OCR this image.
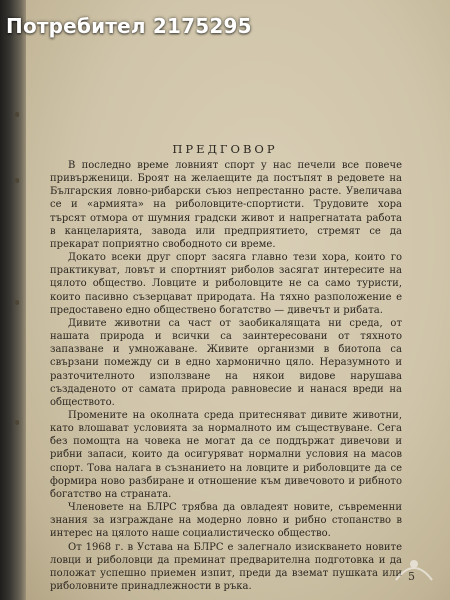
Потребител 2175295
ПРЕДГОВОР

В последно време ловният спорт у нас печели все повече привърженици. Броят на желаещите да постъпят в редовете на Българския ловно-рибарски съюз непрестанно расте. Увеличава се и «армията» на риболовците-спортисти. Трудовите хора търсят отмора от шумния градски живот и напрегнатата работа в канцеларията, завода или предприятието, стремят се да прекарат поприятно свободното си време.

Докато всеки друг спорт засяга главно тези хора, които го практикуват, ловът и спортният риболов засягат интересите на цялото общество. Ловците и риболовците не са само туристи, които пасивно съзерцават природата. На тяхно разположение е предоставено едно обществено богатство — дивечът и рибата.

Дивите животни са част от заобикалящата ни среда, от нашата природа и всички са заинтересовани от тяхното запазване и умножаване. Живите организми в биотопа са свързани помежду си в едно хармонично цяло. Неразумното и разточителното използване на някои видове нарушава създаденото от самата природа равновесие и нанася вреди на обществото.

Промените на околната среда притесняват дивите животни, като влошават условията за нормалното им съществуване. Сега без помощта на човека не могат да се поддържат дивечови и рибни запаси, които да осигуряват нормални условия на масов спорт. Това налага в съзнанието на ловците и риболовците да се формира ново разбиране и отношение към дивечовото и рибното богатство на страната.

Членовете на БЛРС трябва да овладеят новите, съвременни знания за изграждане на модерно ловно и рибно стопанство в интерес на цялото наше социалистическо общество.

От 1968 г. в Устава на БЛРС е залегнало изискването новите ловци и риболовци да преминат предварителна подготовка и да положат успешно приемен изпит, преди да вземат пушката или риболовните принадлежности в ръка.

5
